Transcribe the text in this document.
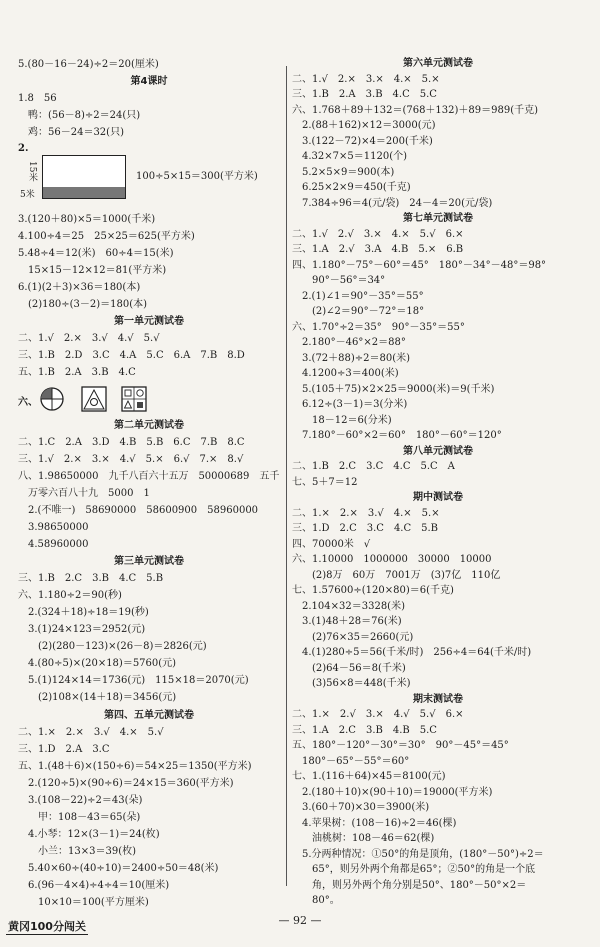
5.(80－16－24)÷2＝20(厘米)
第4课时
1.8　56
　鸭：(56－8)÷2＝24(只)
　鸡：56－24＝32(只)
2.
15米
5米
100÷5×15＝300(平方米)
3.(120＋80)×5＝1000(千米)
4.100÷4＝25　25×25＝625(平方米)
5.48÷4＝12(米)　60÷4＝15(米)
　15×15－12×12＝81(平方米)
6.(1)(2＋3)×36＝180(本)
　(2)180÷(3－2)＝180(本)
第一单元测试卷
二、1.√　2.×　3.√　4.√　5.√
三、1.B　2.D　3.C　4.A　5.C　6.A　7.B　8.D
五、1.B　2.A　3.B　4.C
六、
第二单元测试卷
二、1.C　2.A　3.D　4.B　5.B　6.C　7.B　8.C
三、1.√　2.×　3.×　4.√　5.×　6.√　7.×　8.√
八、1.98650000　九千八百六十五万　50000689　五千
　万零六百八十九　5000　1
　2.(不唯一)　58690000　58600900　58960000
　3.98650000
　4.58960000
第三单元测试卷
三、1.B　2.C　3.B　4.C　5.B
六、1.180÷2＝90(秒)
　2.(324＋18)÷18＝19(秒)
　3.(1)24×123＝2952(元)
　　(2)(280－123)×(26－8)＝2826(元)
　4.(80÷5)×(20×18)＝5760(元)
　5.(1)124×14＝1736(元)　115×18＝2070(元)
　　(2)108×(14＋18)＝3456(元)
第四、五单元测试卷
二、1.×　2.×　3.√　4.×　5.√
三、1.D　2.A　3.C
五、1.(48＋6)×(150÷6)＝54×25＝1350(平方米)
　2.(120÷5)×(90÷6)＝24×15＝360(平方米)
　3.(108－22)÷2＝43(朵)
　　甲：108－43＝65(朵)
　4.小琴：12×(3－1)＝24(枚)
　　小兰：13×3＝39(枚)
　5.40×60÷(40÷10)＝2400÷50＝48(米)
　6.(96－4×4)÷4÷4＝10(厘米)
　　10×10＝100(平方厘米)
第六单元测试卷
二、1.√　2.×　3.×　4.×　5.×
三、1.B　2.A　3.B　4.C　5.C
六、1.768＋89＋132＝(768＋132)＋89＝989(千克)
　2.(88＋162)×12＝3000(元)
　3.(122－72)×4＝200(千米)
　4.32×7×5＝1120(个)
　5.2×5×9＝900(本)
　6.25×2×9＝450(千克)
　7.384÷96＝4(元/袋)　24－4＝20(元/袋)
第七单元测试卷
二、1.√　2.√　3.×　4.×　5.√　6.×
三、1.A　2.√　3.A　4.B　5.×　6.B
四、1.180°－75°－60°＝45°　180°－34°－48°＝98°
　　90°－56°＝34°
　2.(1)∠1＝90°－35°＝55°
　　(2)∠2＝90°－72°＝18°
六、1.70°÷2＝35°　90°－35°＝55°
　2.180°－46°×2＝88°
　3.(72＋88)÷2＝80(米)
　4.1200÷3＝400(米)
　5.(105＋75)×2×25＝9000(米)＝9(千米)
　6.12÷(3－1)＝3(分米)
　　18－12＝6(分米)
　7.180°－60°×2＝60°　180°－60°＝120°
第八单元测试卷
二、1.B　2.C　3.C　4.C　5.C　A
七、5＋7＝12
期中测试卷
二、1.×　2.×　3.√　4.×　5.×
三、1.D　2.C　3.C　4.C　5.B
四、70000米　√
六、1.10000　1000000　30000　10000
　　(2)8万　60万　7001万　(3)7亿　110亿
七、1.57600÷(120×80)＝6(千克)
　2.104×32＝3328(米)
　3.(1)48＋28＝76(米)
　　(2)76×35＝2660(元)
　4.(1)280÷5＝56(千米/时)　256÷4＝64(千米/时)
　　(2)64－56＝8(千米)
　　(3)56×8＝448(千米)
期末测试卷
二、1.×　2.√　3.×　4.√　5.√　6.×
三、1.A　2.C　3.B　4.B　5.C
五、180°－120°－30°＝30°　90°－45°＝45°
　180°－65°－55°＝60°
七、1.(116＋64)×45＝8100(元)
　2.(180＋10)×(90＋10)＝19000(平方米)
　3.(60＋70)×30＝3900(米)
　4.苹果树：(108－16)÷2＝46(棵)
　　油桃树：108－46＝62(棵)
　5.分两种情况：①50°的角是顶角，(180°－50°)÷2＝
　　65°，则另外两个角都是65°；②50°的角是一个底
　　角，则另外两个角分别是50°、180°－50°×2＝
　　80°。
黄冈100分闯关	— 92 —
